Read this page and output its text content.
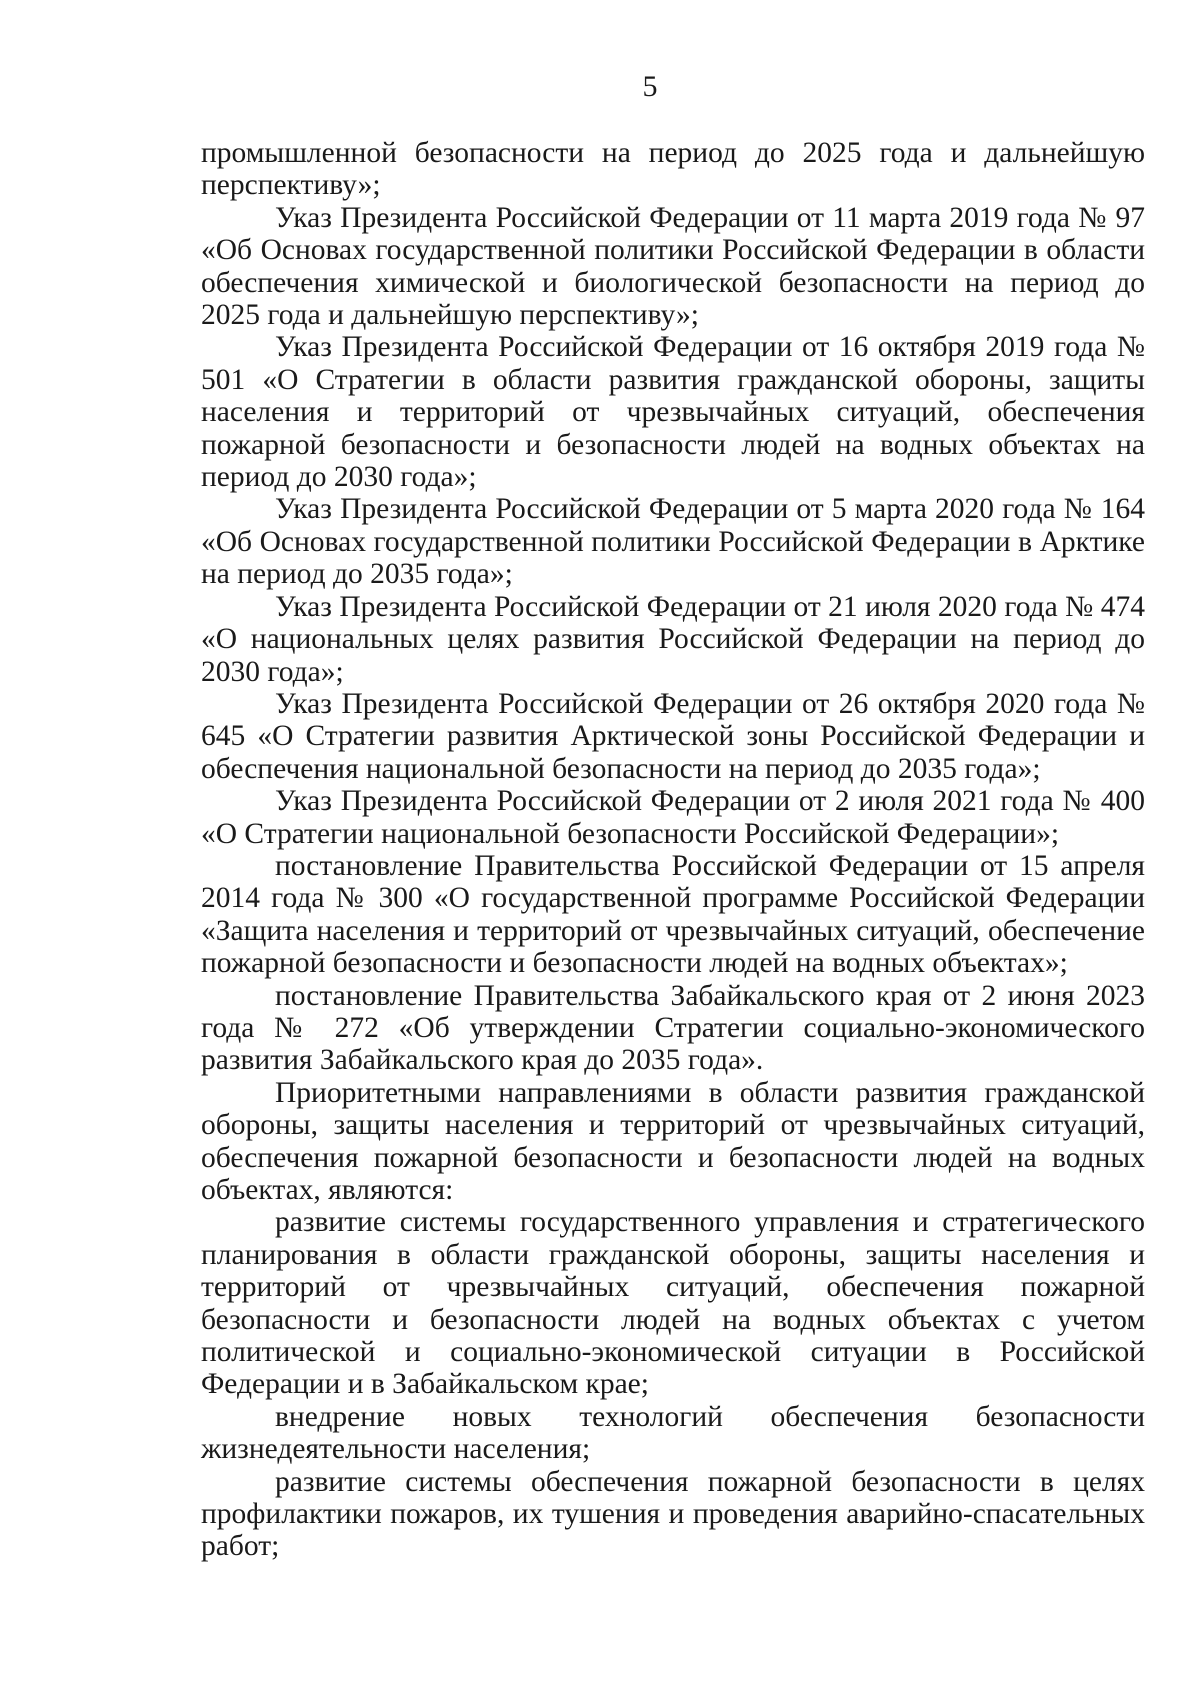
5

промышленной безопасности на период до 2025 года и дальнейшую перспективу»;

Указ Президента Российской Федерации от 11 марта 2019 года № 97 «Об Основах государственной политики Российской Федерации в области обеспечения химической и биологической безопасности на период до 2025 года и дальнейшую перспективу»;

Указ Президента Российской Федерации от 16 октября 2019 года № 501 «О Стратегии в области развития гражданской обороны, защиты населения и территорий от чрезвычайных ситуаций, обеспечения пожарной безопасности и безопасности людей на водных объектах на период до 2030 года»;

Указ Президента Российской Федерации от 5 марта 2020 года № 164 «Об Основах государственной политики Российской Федерации в Арктике на период до 2035 года»;

Указ Президента Российской Федерации от 21 июля 2020 года № 474 «О национальных целях развития Российской Федерации на период до 2030 года»;

Указ Президента Российской Федерации от 26 октября 2020 года № 645 «О Стратегии развития Арктической зоны Российской Федерации и обеспечения национальной безопасности на период до 2035 года»;

Указ Президента Российской Федерации от 2 июля 2021 года № 400 «О Стратегии национальной безопасности Российской Федерации»;

постановление Правительства Российской Федерации от 15 апреля 2014 года № 300 «О государственной программе Российской Федерации «Защита населения и территорий от чрезвычайных ситуаций, обеспечение пожарной безопасности и безопасности людей на водных объектах»;

постановление Правительства Забайкальского края от 2 июня 2023 года № 272 «Об утверждении Стратегии социально-экономического развития Забайкальского края до 2035 года».

Приоритетными направлениями в области развития гражданской обороны, защиты населения и территорий от чрезвычайных ситуаций, обеспечения пожарной безопасности и безопасности людей на водных объектах, являются:

развитие системы государственного управления и стратегического планирования в области гражданской обороны, защиты населения и территорий от чрезвычайных ситуаций, обеспечения пожарной безопасности и безопасности людей на водных объектах с учетом политической и социально-экономической ситуации в Российской Федерации и в Забайкальском крае;

внедрение новых технологий обеспечения безопасности жизнедеятельности населения;

развитие системы обеспечения пожарной безопасности в целях профилактики пожаров, их тушения и проведения аварийно-спасательных работ;
